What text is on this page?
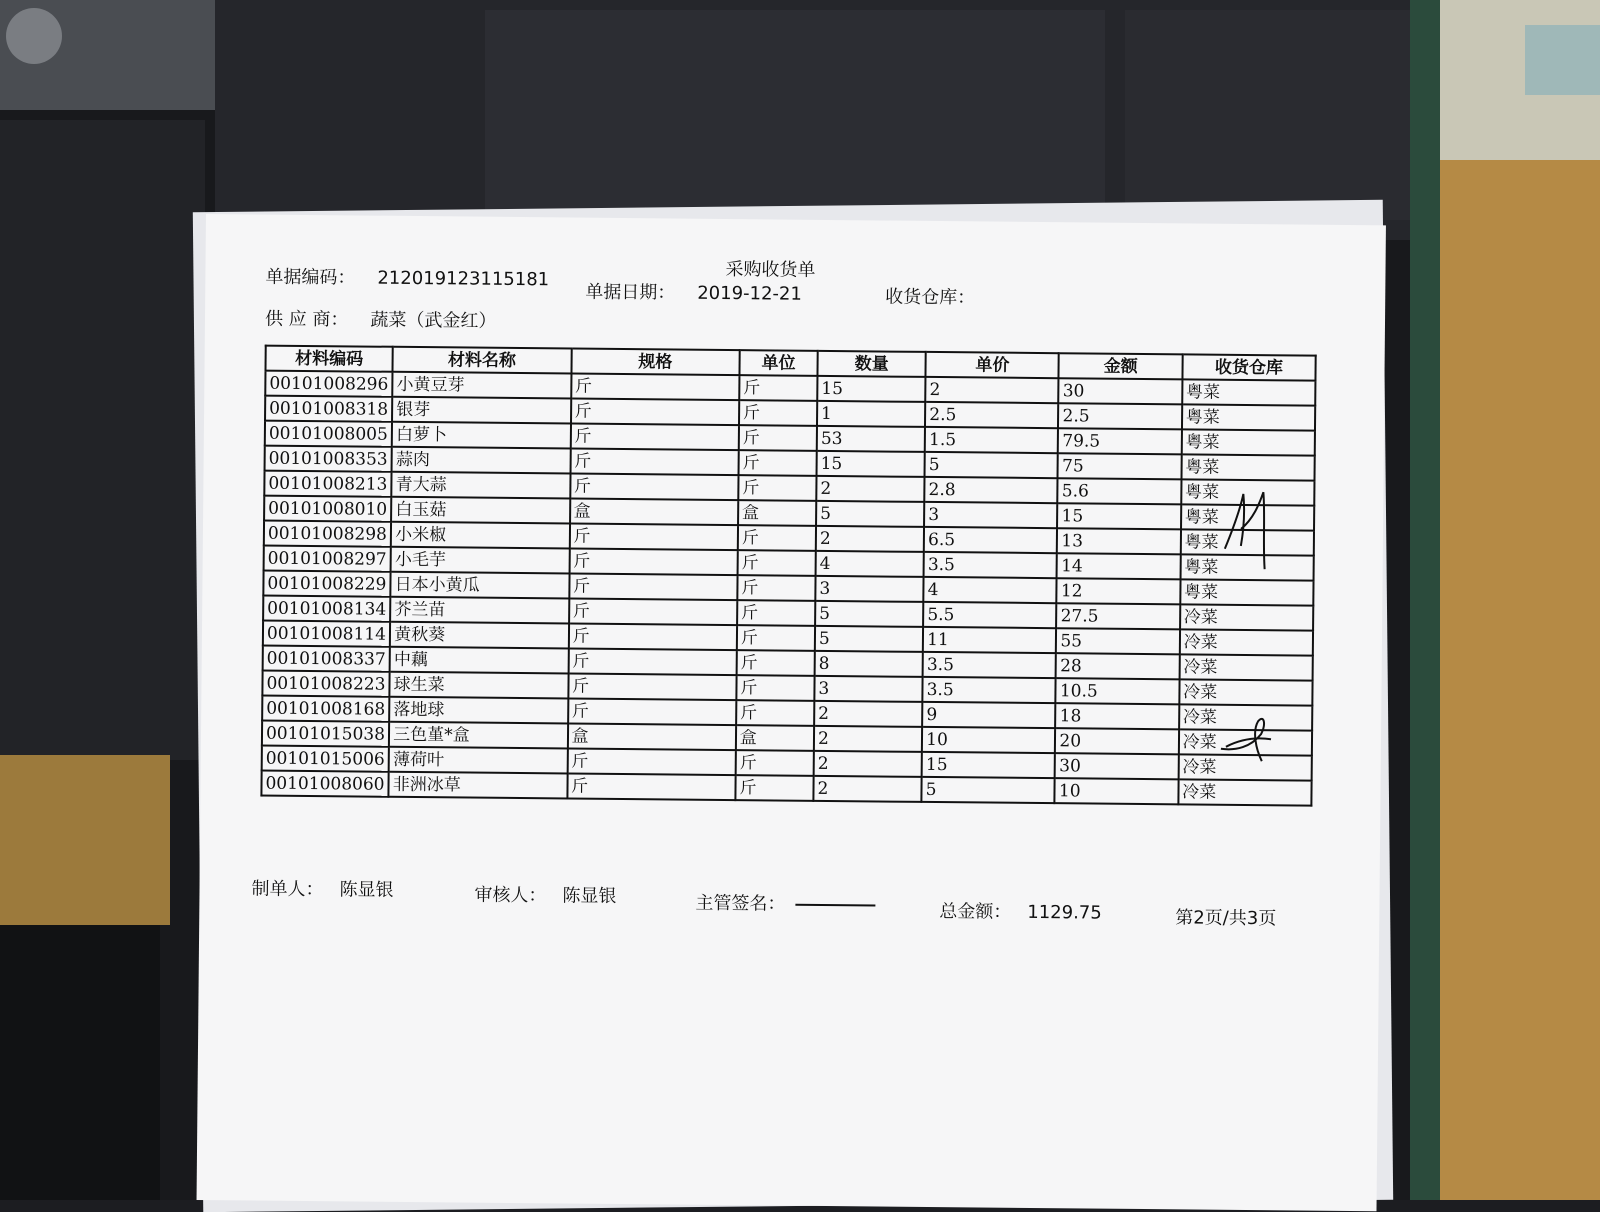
采购收货单
单据编码： 212019123115181
单据日期： 2019-12-21	收货仓库：
供 应 商： 蔬菜（武金红）
材料编码	材料名称	规格	单位	数量	单价	金额	收货仓库
00101008296	小黄豆芽	斤	斤	15	2	30	粤菜
00101008318	银芽	斤	斤	1	2.5	2.5	粤菜
00101008005	白萝卜	斤	斤	53	1.5	79.5	粤菜
00101008353	蒜肉	斤	斤	15	5	75	粤菜
00101008213	青大蒜	斤	斤	2	2.8	5.6	粤菜
00101008010	白玉菇	盒	盒	5	3	15	粤菜
00101008298	小米椒	斤	斤	2	6.5	13	粤菜
00101008297	小毛芋	斤	斤	4	3.5	14	粤菜
00101008229	日本小黄瓜	斤	斤	3	4	12	粤菜
00101008134	芥兰苗	斤	斤	5	5.5	27.5	冷菜
00101008114	黄秋葵	斤	斤	5	11	55	冷菜
00101008337	中藕	斤	斤	8	3.5	28	冷菜
00101008223	球生菜	斤	斤	3	3.5	10.5	冷菜
00101008168	落地球	斤	斤	2	9	18	冷菜
00101015038	三色堇*盒	盒	盒	2	10	20	冷菜
00101015006	薄荷叶	斤	斤	2	15	30	冷菜
00101008060	非洲冰草	斤	斤	2	5	10	冷菜
制单人： 陈显银	审核人： 陈显银	主管签名：	总金额： 1129.75	第2页/共3页
